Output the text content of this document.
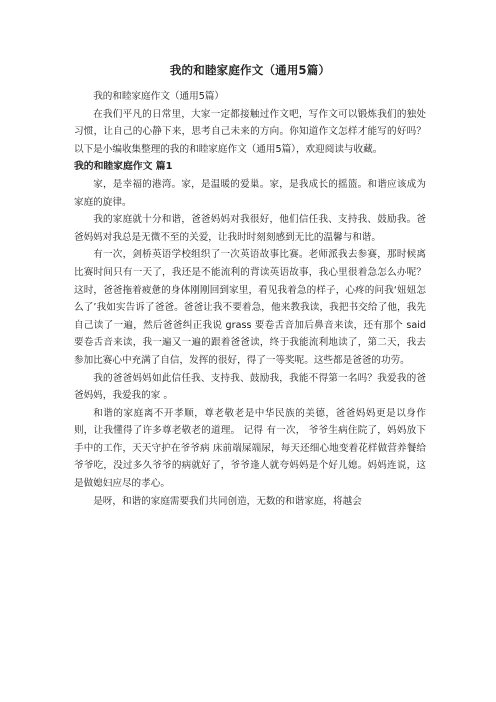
我的和睦家庭作文（通用5篇）

我的和睦家庭作文（通用5篇）

在我们平凡的日常里，大家一定都接触过作文吧，写作文可以锻炼我们的独处习惯，让自己的心静下来，思考自己未来的方向。你知道作文怎样才能写的好吗？以下是小编收集整理的我的和睦家庭作文（通用5篇），欢迎阅读与收藏。

我的和睦家庭作文 篇1

家，是幸福的港湾。家，是温暖的爱巢。家，是我成长的摇篮。和谐应该成为家庭的旋律。

我的家庭就十分和谐，爸爸妈妈对我很好，他们信任我、支持我、鼓励我。爸爸妈妈对我总是无微不至的关爱，让我时时刻刻感到无比的温馨与和谐。

有一次，剑桥英语学校组织了一次英语故事比赛。老师派我去参赛，那时候离比赛时间只有一天了，我还是不能流利的背读英语故事，我心里很着急怎么办呢？这时，爸爸拖着疲惫的身体刚刚回到家里，看见我着急的样子，心疼的问我‘妞妞怎么了’我如实告诉了爸爸。爸爸让我不要着急，他来教我读，我把书交给了他，我先自己读了一遍，然后爸爸纠正我说 grass 要卷舌音加后鼻音来读，还有那个 said 要卷舌音来读，我一遍又一遍的跟着爸爸读，终于我能流利地读了，第二天，我去参加比赛心中充满了自信，发挥的很好，得了一等奖呢。这些都是爸爸的功劳。

我的爸爸妈妈如此信任我、支持我、鼓励我，我能不得第一名吗？我爱我的爸爸妈妈，我爱我的家 。

和谐的家庭离不开孝顺，尊老敬老是中华民族的美德，爸爸妈妈更是以身作则，让我懂得了许多尊老敬老的道理。 记得 有一次， 爷爷生病住院了，妈妈放下手中的工作，天天守护在爷爷病 床前端屎端尿，每天还细心地变着花样做营养餐给爷爷吃，没过多久爷爷的病就好了，爷爷逢人就夸妈妈是个好儿媳。妈妈连说，这是做媳妇应尽的孝心。

是呀，和谐的家庭需要我们共同创造，无数的和谐家庭，将越会
